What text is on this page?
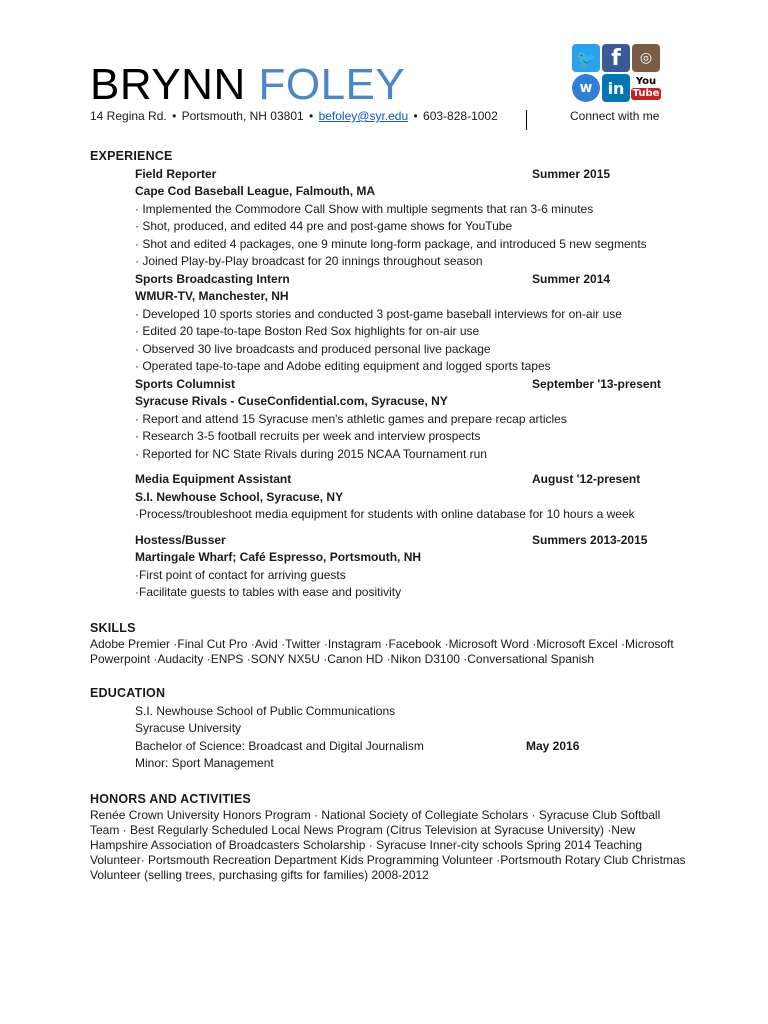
BRYNN FOLEY
14 Regina Rd. • Portsmouth, NH 03801 • befoley@syr.edu • 603-828-1002
🐦 f	◎
w in	You
Tube
Connect with me
EXPERIENCE
Field Reporter	Summer 2015
Cape Cod Baseball League, Falmouth, MA
· Implemented the Commodore Call Show with multiple segments that ran 3-6 minutes
· Shot, produced, and edited 44 pre and post-game shows for YouTube
· Shot and edited 4 packages, one 9 minute long-form package, and introduced 5 new segments
· Joined Play-by-Play broadcast for 20 innings throughout season
Sports Broadcasting Intern	Summer 2014
WMUR-TV, Manchester, NH
· Developed 10 sports stories and conducted 3 post-game baseball interviews for on-air use
· Edited 20 tape-to-tape Boston Red Sox highlights for on-air use
· Observed 30 live broadcasts and produced personal live package
· Operated tape-to-tape and Adobe editing equipment and logged sports tapes
Sports Columnist	September '13-present
Syracuse Rivals - CuseConfidential.com, Syracuse, NY
· Report and attend 15 Syracuse men's athletic games and prepare recap articles
· Research 3-5 football recruits per week and interview prospects
· Reported for NC State Rivals during 2015 NCAA Tournament run
Media Equipment Assistant	August '12-present
S.I. Newhouse School, Syracuse, NY
·Process/troubleshoot media equipment for students with online database for 10 hours a week
Hostess/Busser	Summers 2013-2015
Martingale Wharf; Café Espresso, Portsmouth, NH
·First point of contact for arriving guests
·Facilitate guests to tables with ease and positivity
SKILLS
Adobe Premier ·Final Cut Pro ·Avid ·Twitter ·Instagram ·Facebook ·Microsoft Word ·Microsoft Excel ·Microsoft Powerpoint ·Audacity ·ENPS ·SONY NX5U ·Canon HD ·Nikon D3100 ·Conversational Spanish
EDUCATION
S.I. Newhouse School of Public Communications
Syracuse University
Bachelor of Science: Broadcast and Digital Journalism	May 2016
Minor: Sport Management
HONORS AND ACTIVITIES
Renée Crown University Honors Program · National Society of Collegiate Scholars · Syracuse Club Softball Team · Best Regularly Scheduled Local News Program (Citrus Television at Syracuse University) ·New Hampshire Association of Broadcasters Scholarship · Syracuse Inner-city schools Spring 2014 Teaching Volunteer· Portsmouth Recreation Department Kids Programming Volunteer ·Portsmouth Rotary Club Christmas Volunteer (selling trees, purchasing gifts for families) 2008-2012
